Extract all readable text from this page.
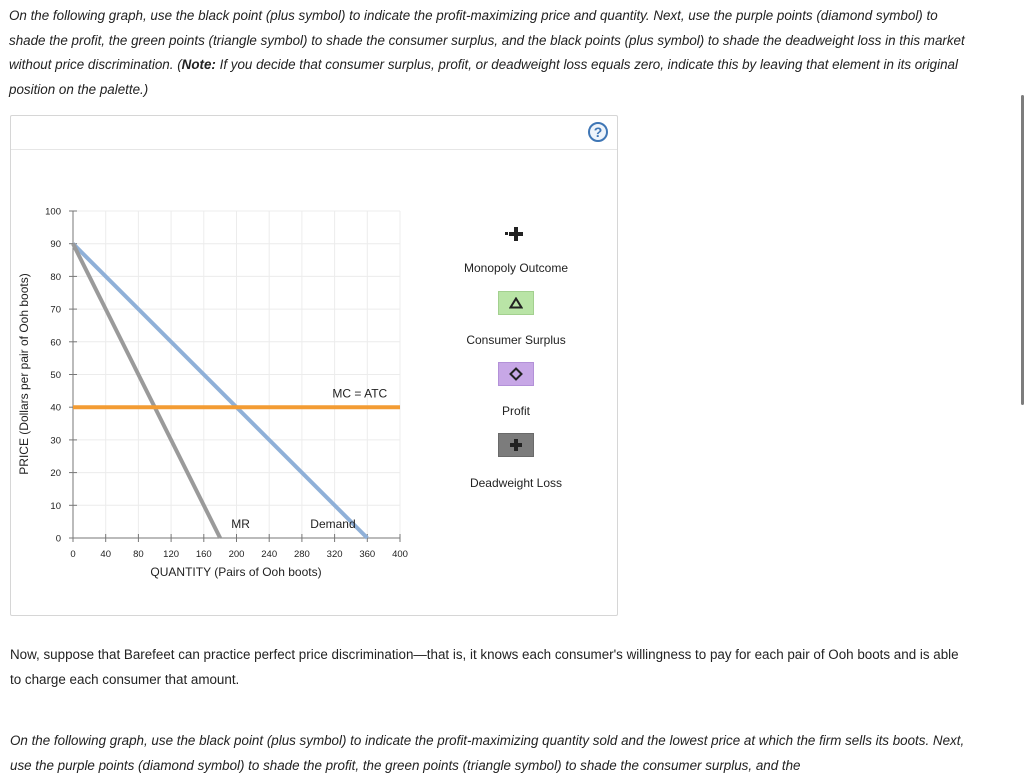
On the following graph, use the black point (plus symbol) to indicate the profit-maximizing price and quantity. Next, use the purple points (diamond symbol) to shade the profit, the green points (triangle symbol) to shade the consumer surplus, and the black points (plus symbol) to shade the deadweight loss in this market without price discrimination. (Note: If you decide that consumer surplus, profit, or deadweight loss equals zero, indicate this by leaving that element in its original position on the palette.)
?
0
10
20
30
40
50
60
70
80
90
100
0	40 80 120 160 200 240 280 320 360 400
MC = ATC
MR	Demand
QUANTITY (Pairs of Ooh boots)
PRICE (Dollars per pair of Ooh boots)
Monopoly Outcome
Consumer Surplus
Profit
Deadweight Loss
Now, suppose that Barefeet can practice perfect price discrimination—that is, it knows each consumer's willingness to pay for each pair of Ooh boots and is able to charge each consumer that amount.
On the following graph, use the black point (plus symbol) to indicate the profit-maximizing quantity sold and the lowest price at which the firm sells its boots. Next, use the purple points (diamond symbol) to shade the profit, the green points (triangle symbol) to shade the consumer surplus, and the
